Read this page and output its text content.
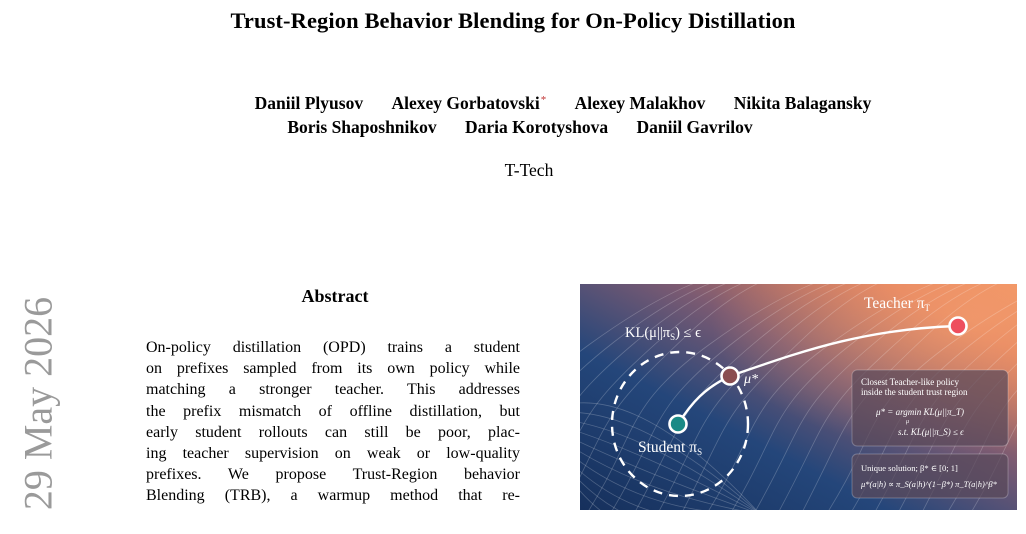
Trust-Region Behavior Blending for On-Policy Distillation
Daniil Plyusov Alexey Gorbatovski* Alexey Malakhov Nikita Balagansky
Boris Shaposhnikov Daria Korotyshova Daniil Gavrilov
T-Tech
29 May 2026
Abstract
On-policy distillation (OPD) trains a student
on prefixes sampled from its own policy while
matching a stronger teacher. This addresses
the prefix mismatch of offline distillation, but
early student rollouts can still be poor, plac-
ing teacher supervision on weak or low-quality
prefixes. We propose Trust-Region behavior
Blending (TRB), a warmup method that re-
$KL(\mu||\pi_S) \le \epsilon$
Student πS
μ*
Teacher πT
Closest Teacher-like policy
inside the student trust region
μ* = argmin KL(μ||π_T)
μ
s.t. KL(μ||π_S) ≤ ϵ
Unique solution; β* ∈ [0; 1]
μ*(a|h) ∝ π_S(a|h)^(1−β*) π_T(a|h)^β*
